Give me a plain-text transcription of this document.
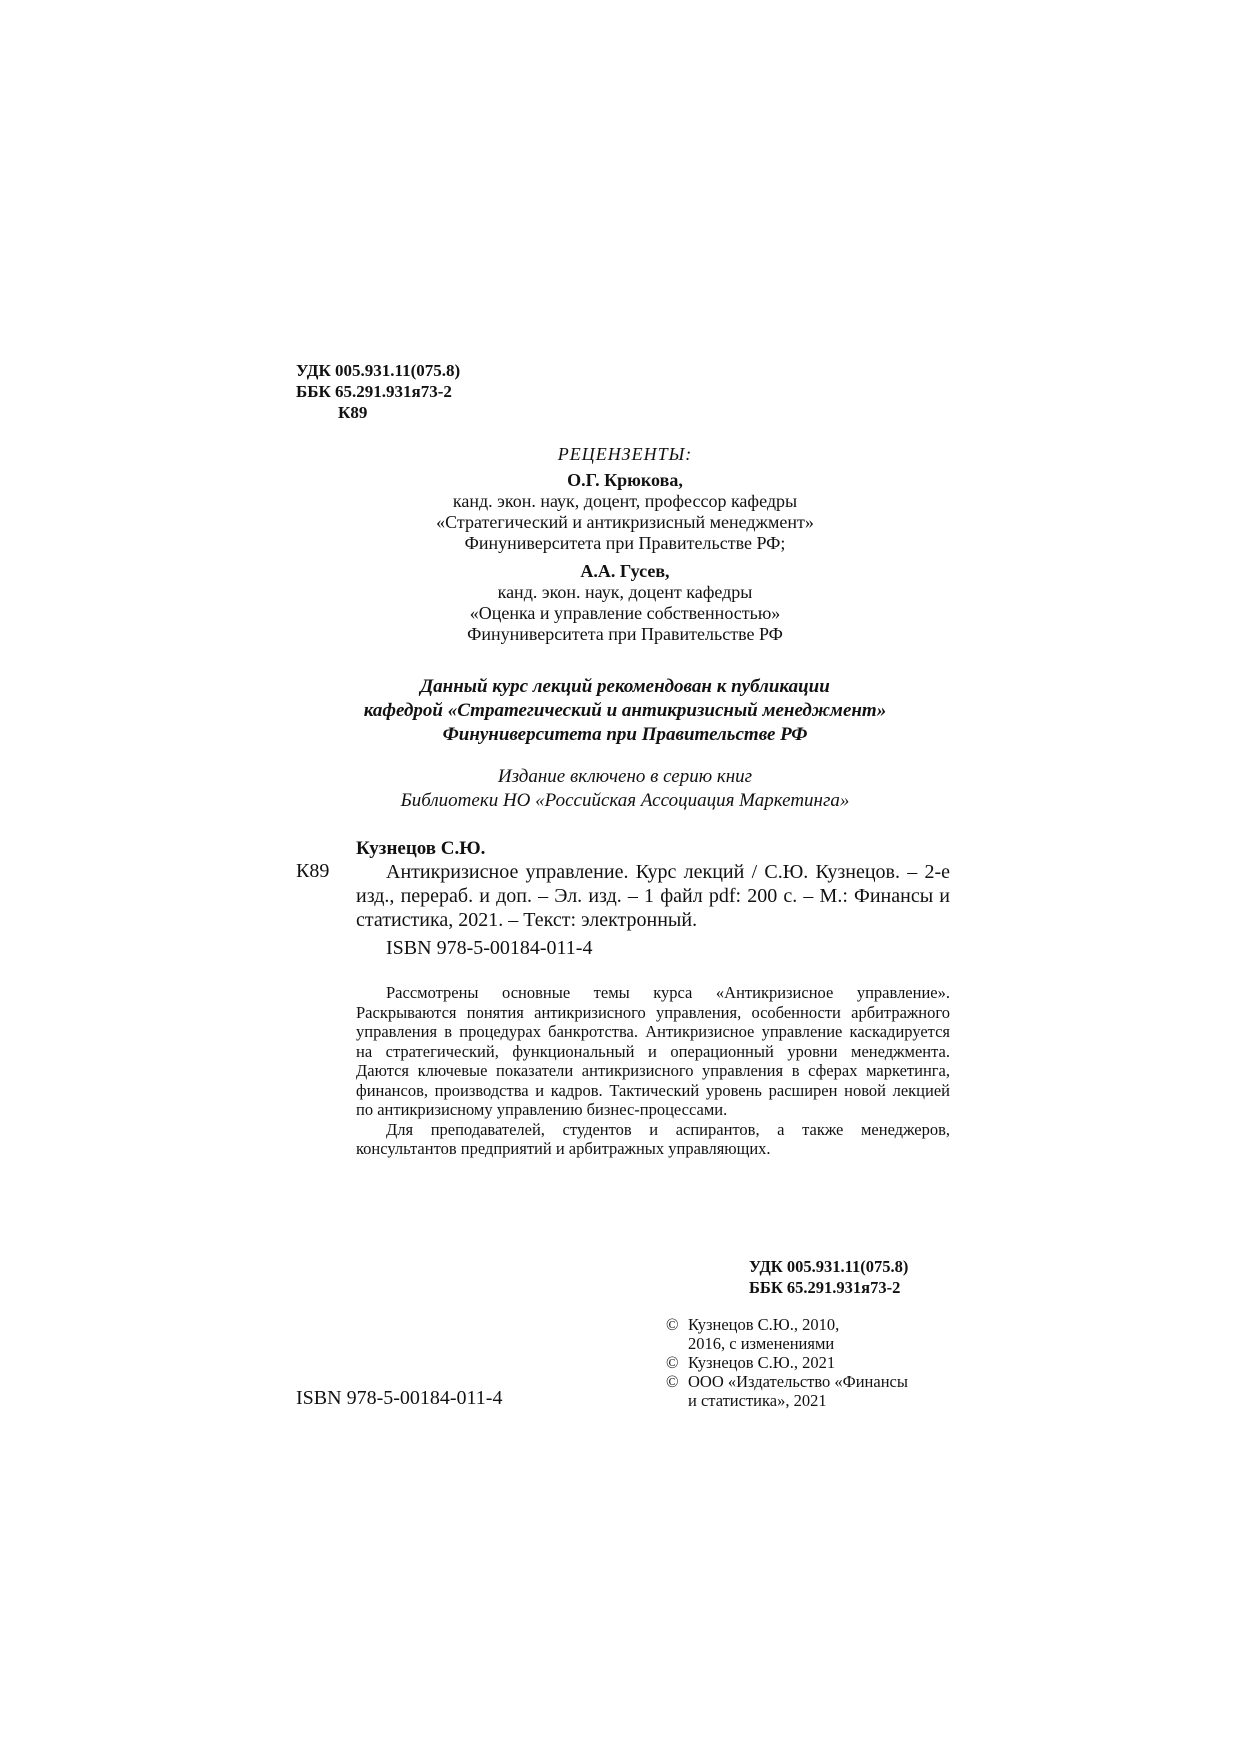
УДК 005.931.11(075.8)
ББК 65.291.931я73-2
К89
РЕЦЕНЗЕНТЫ:
О.Г. Крюкова,
канд. экон. наук, доцент, профессор кафедры
«Стратегический и антикризисный менеджмент»
Финуниверситета при Правительстве РФ;
А.А. Гусев,
канд. экон. наук, доцент кафедры
«Оценка и управление собственностью»
Финуниверситета при Правительстве РФ
Данный курс лекций рекомендован к публикации
кафедрой «Стратегический и антикризисный менеджмент»
Финуниверситета при Правительстве РФ
Издание включено в серию книг
Библиотеки НО «Российская Ассоциация Маркетинга»
Кузнецов С.Ю.
К89	Антикризисное управление. Курс лекций / С.Ю. Кузнецов. – 2-е изд., перераб. и доп. – Эл. изд. – 1 файл pdf: 200 с. – М.: Финансы и статистика, 2021. – Текст: электронный.
ISBN 978-5-00184-011-4

Рассмотрены основные темы курса «Антикризисное управление». Раскрываются понятия антикризисного управления, особенности арбитражного управления в процедурах банкротства. Антикризисное управление каскадируется на стратегический, функциональный и операционный уровни менеджмента. Даются ключевые показатели антикризисного управления в сферах маркетинга, финансов, производства и кадров. Тактический уровень расширен новой лекцией по антикризисному управлению бизнес-процессами.

Для преподавателей, студентов и аспирантов, а также менеджеров, консультантов предприятий и арбитражных управляющих.

УДК 005.931.11(075.8)
ББК 65.291.931я73-2
© Кузнецов С.Ю., 2010,
2016, с изменениями
© Кузнецов С.Ю., 2021
© ООО «Издательство «Финансы
и статистика», 2021
ISBN 978-5-00184-011-4
